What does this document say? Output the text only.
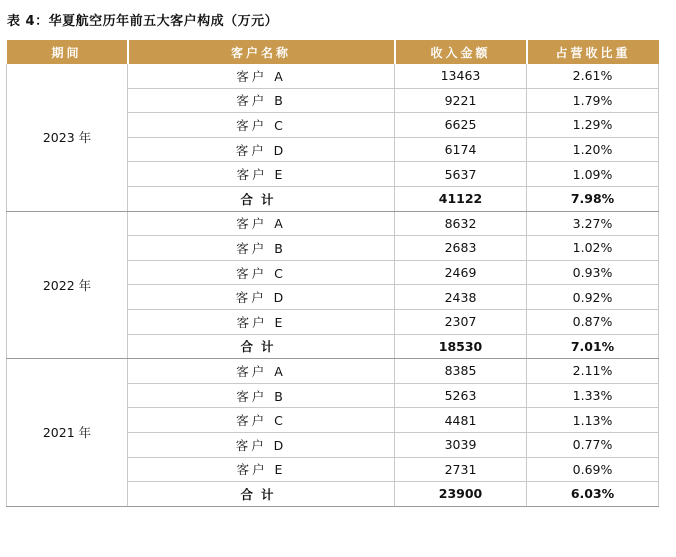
表 4：华夏航空历年前五大客户构成（万元）
期间	客户名称	收入金额	占营收比重
2023 年	客户 A	13463	2.61%
	客户 B	9221	1.79%
	客户 C	6625	1.29%
	客户 D	6174	1.20%
	客户 E	5637	1.09%
	合计	41122	7.98%
2022 年	客户 A	8632	3.27%
	客户 B	2683	1.02%
	客户 C	2469	0.93%
	客户 D	2438	0.92%
	客户 E	2307	0.87%
	合计	18530	7.01%
2021 年	客户 A	8385	2.11%
	客户 B	5263	1.33%
	客户 C	4481	1.13%
	客户 D	3039	0.77%
	客户 E	2731	0.69%
	合计	23900	6.03%
